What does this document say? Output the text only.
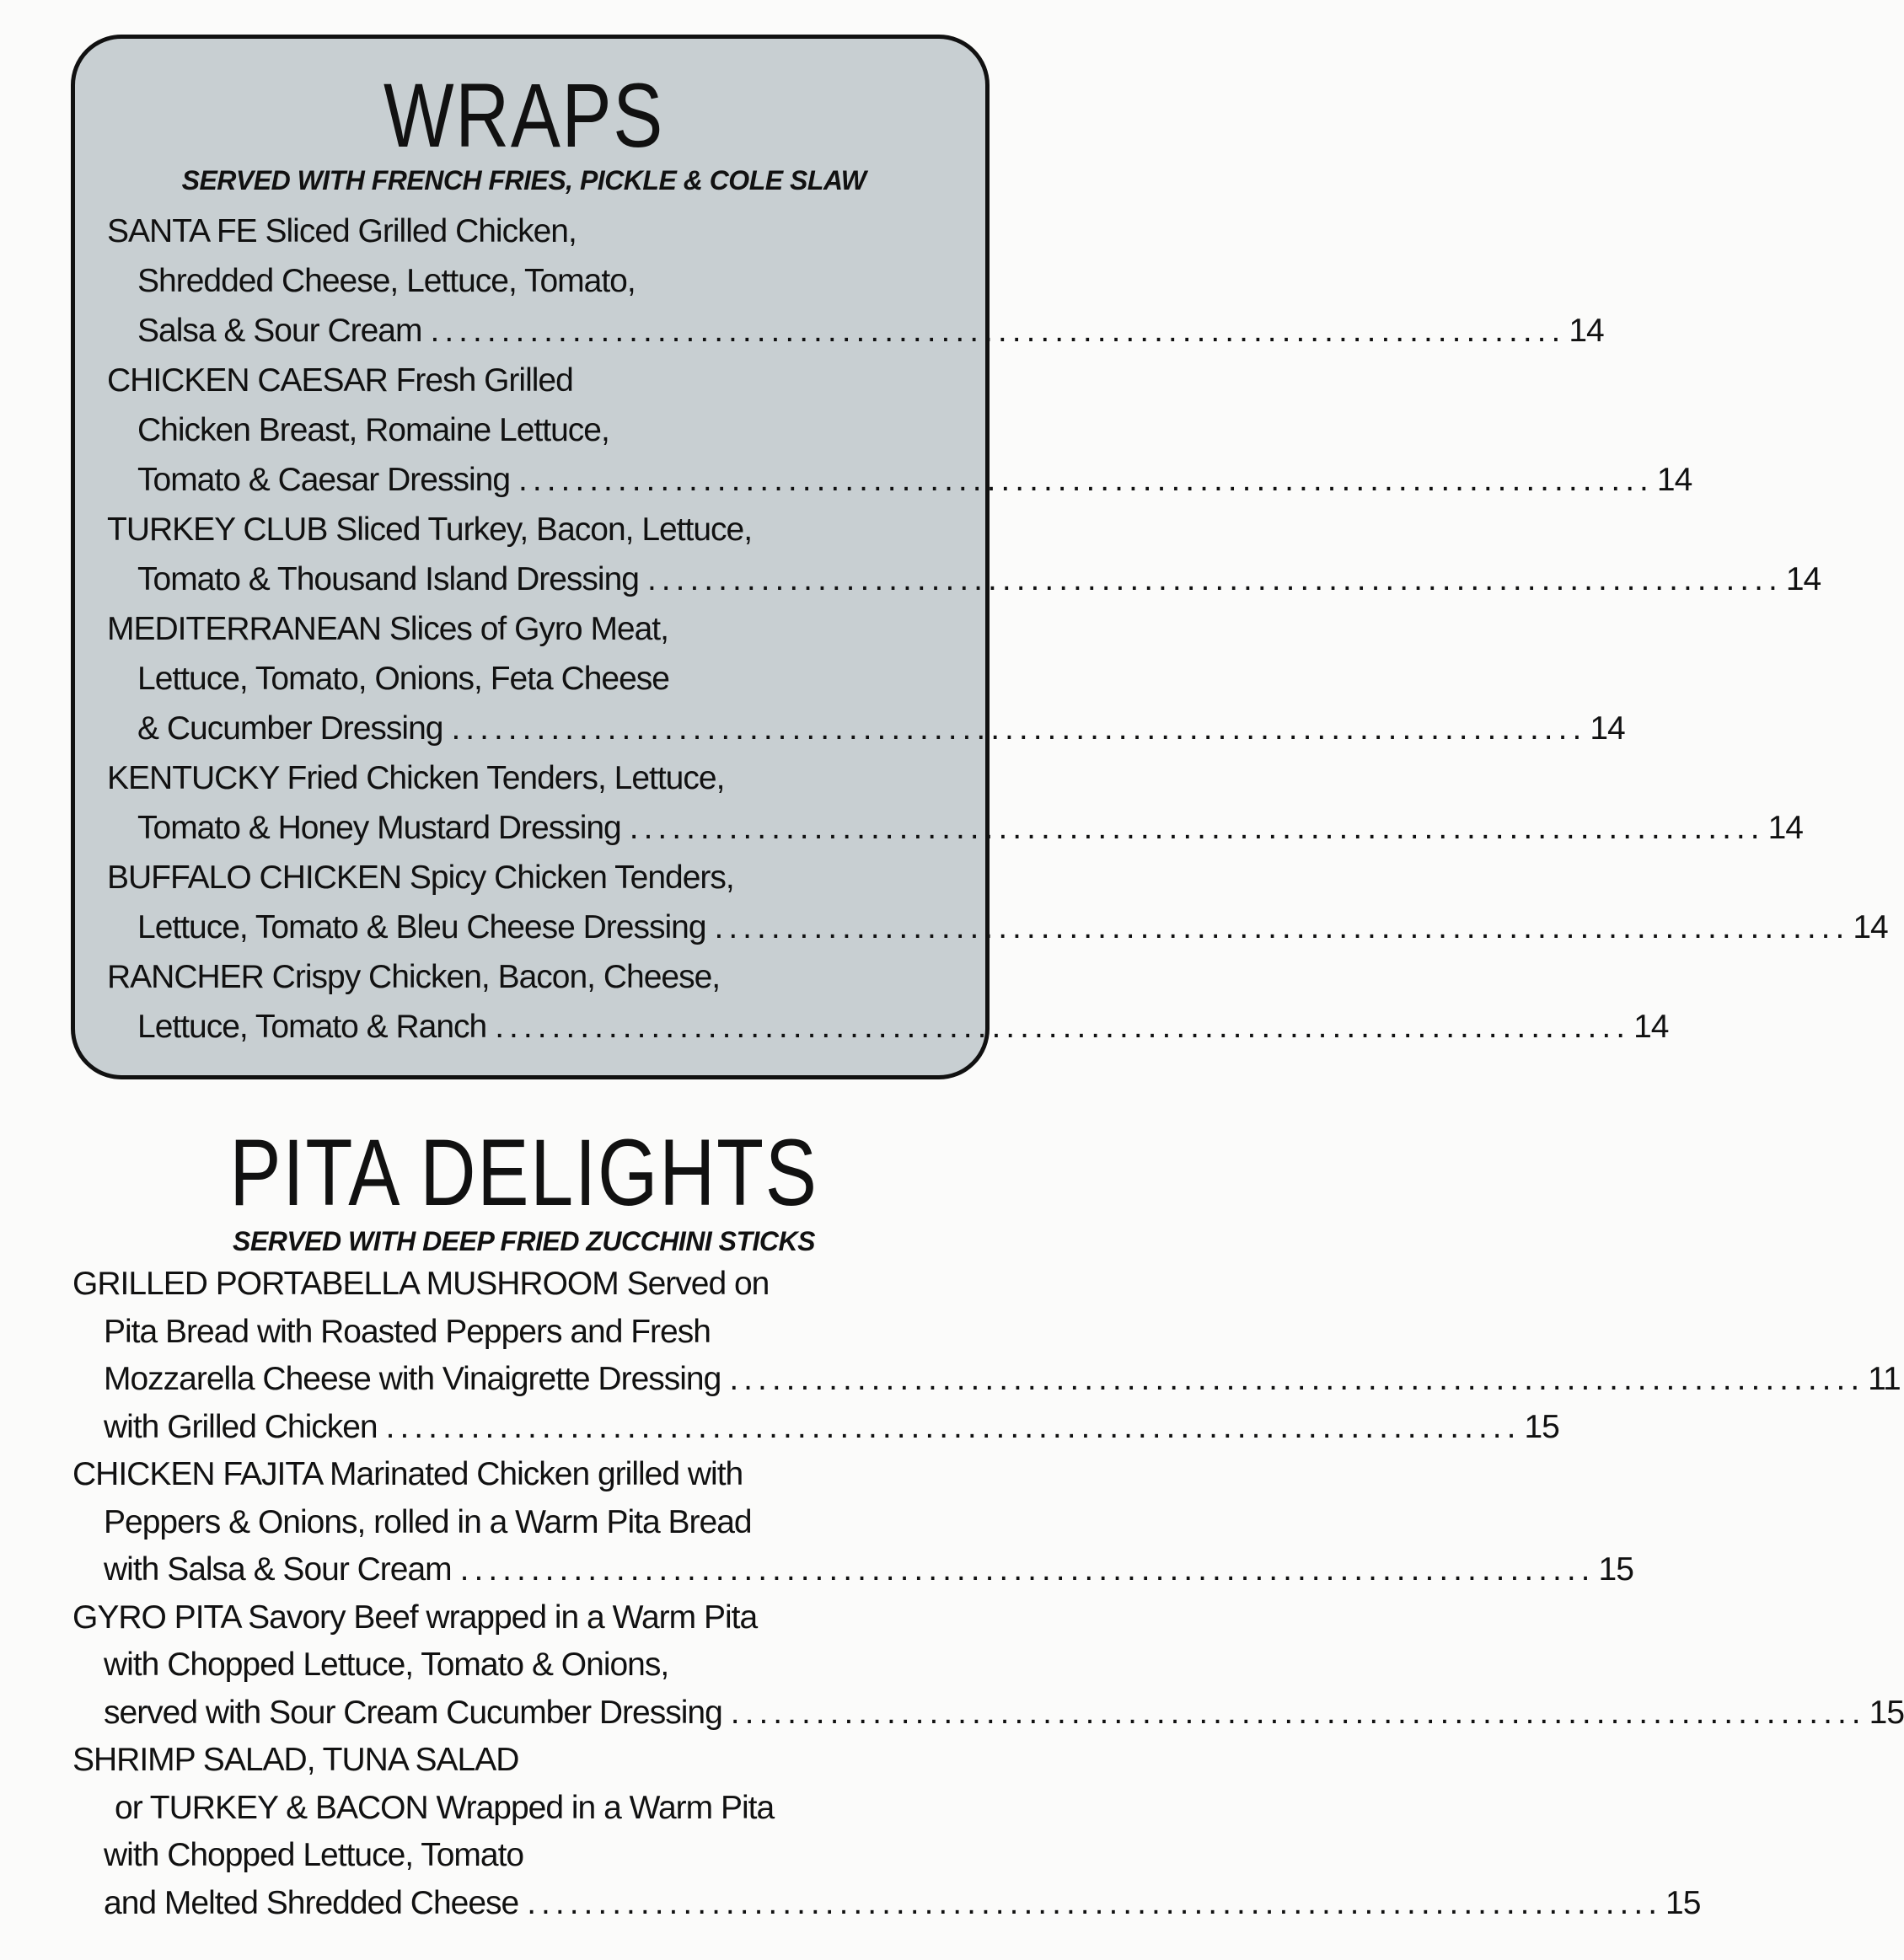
WRAPS
SERVED WITH FRENCH FRIES, PICKLE & COLE SLAW
SANTA FE Sliced Grilled Chicken,
Shredded Cheese, Lettuce, Tomato,
Salsa & Sour Cream ................................................................................ 14
CHICKEN CAESAR Fresh Grilled
Chicken Breast, Romaine Lettuce,
Tomato & Caesar Dressing ................................................................................ 14
TURKEY CLUB Sliced Turkey, Bacon, Lettuce,
Tomato & Thousand Island Dressing ................................................................................ 14
MEDITERRANEAN Slices of Gyro Meat,
Lettuce, Tomato, Onions, Feta Cheese
& Cucumber Dressing ................................................................................ 14
KENTUCKY Fried Chicken Tenders, Lettuce,
Tomato & Honey Mustard Dressing ................................................................................ 14
BUFFALO CHICKEN Spicy Chicken Tenders,
Lettuce, Tomato & Bleu Cheese Dressing ................................................................................ 14
RANCHER Crispy Chicken, Bacon, Cheese,
Lettuce, Tomato & Ranch ................................................................................ 14
PITA DELIGHTS
SERVED WITH DEEP FRIED ZUCCHINI STICKS
GRILLED PORTABELLA MUSHROOM Served on
Pita Bread with Roasted Peppers and Fresh
Mozzarella Cheese with Vinaigrette Dressing ................................................................................ 11
with Grilled Chicken ................................................................................ 15
CHICKEN FAJITA Marinated Chicken grilled with
Peppers & Onions, rolled in a Warm Pita Bread
with Salsa & Sour Cream ................................................................................ 15
GYRO PITA Savory Beef wrapped in a Warm Pita
with Chopped Lettuce, Tomato & Onions,
served with Sour Cream Cucumber Dressing ................................................................................ 15
SHRIMP SALAD, TUNA SALAD
or TURKEY & BACON Wrapped in a Warm Pita
with Chopped Lettuce, Tomato
and Melted Shredded Cheese ................................................................................ 15
